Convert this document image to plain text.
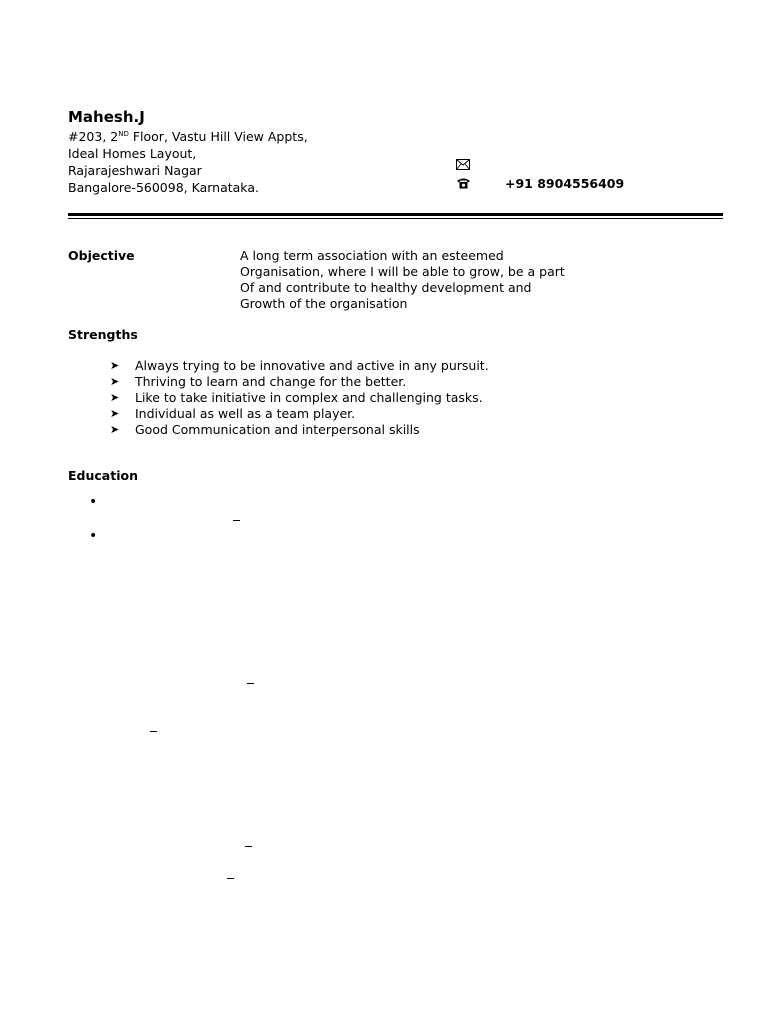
Mahesh.J
#203, 2ND Floor, Vastu Hill View Appts,
Ideal Homes Layout,
Rajarajeshwari Nagar
Bangalore-560098, Karnataka.	+91 8904556409
Objective	A long term association with an esteemed
Organisation, where I will be able to grow, be a part
Of and contribute to healthy development and
Growth of the organisation
Strengths
➤ Always trying to be innovative and active in any pursuit.
➤ Thriving to learn and change for the better.
➤ Like to take initiative in complex and challenging tasks.
➤ Individual as well as a team player.
➤ Good Communication and interpersonal skills
Education
•
•
